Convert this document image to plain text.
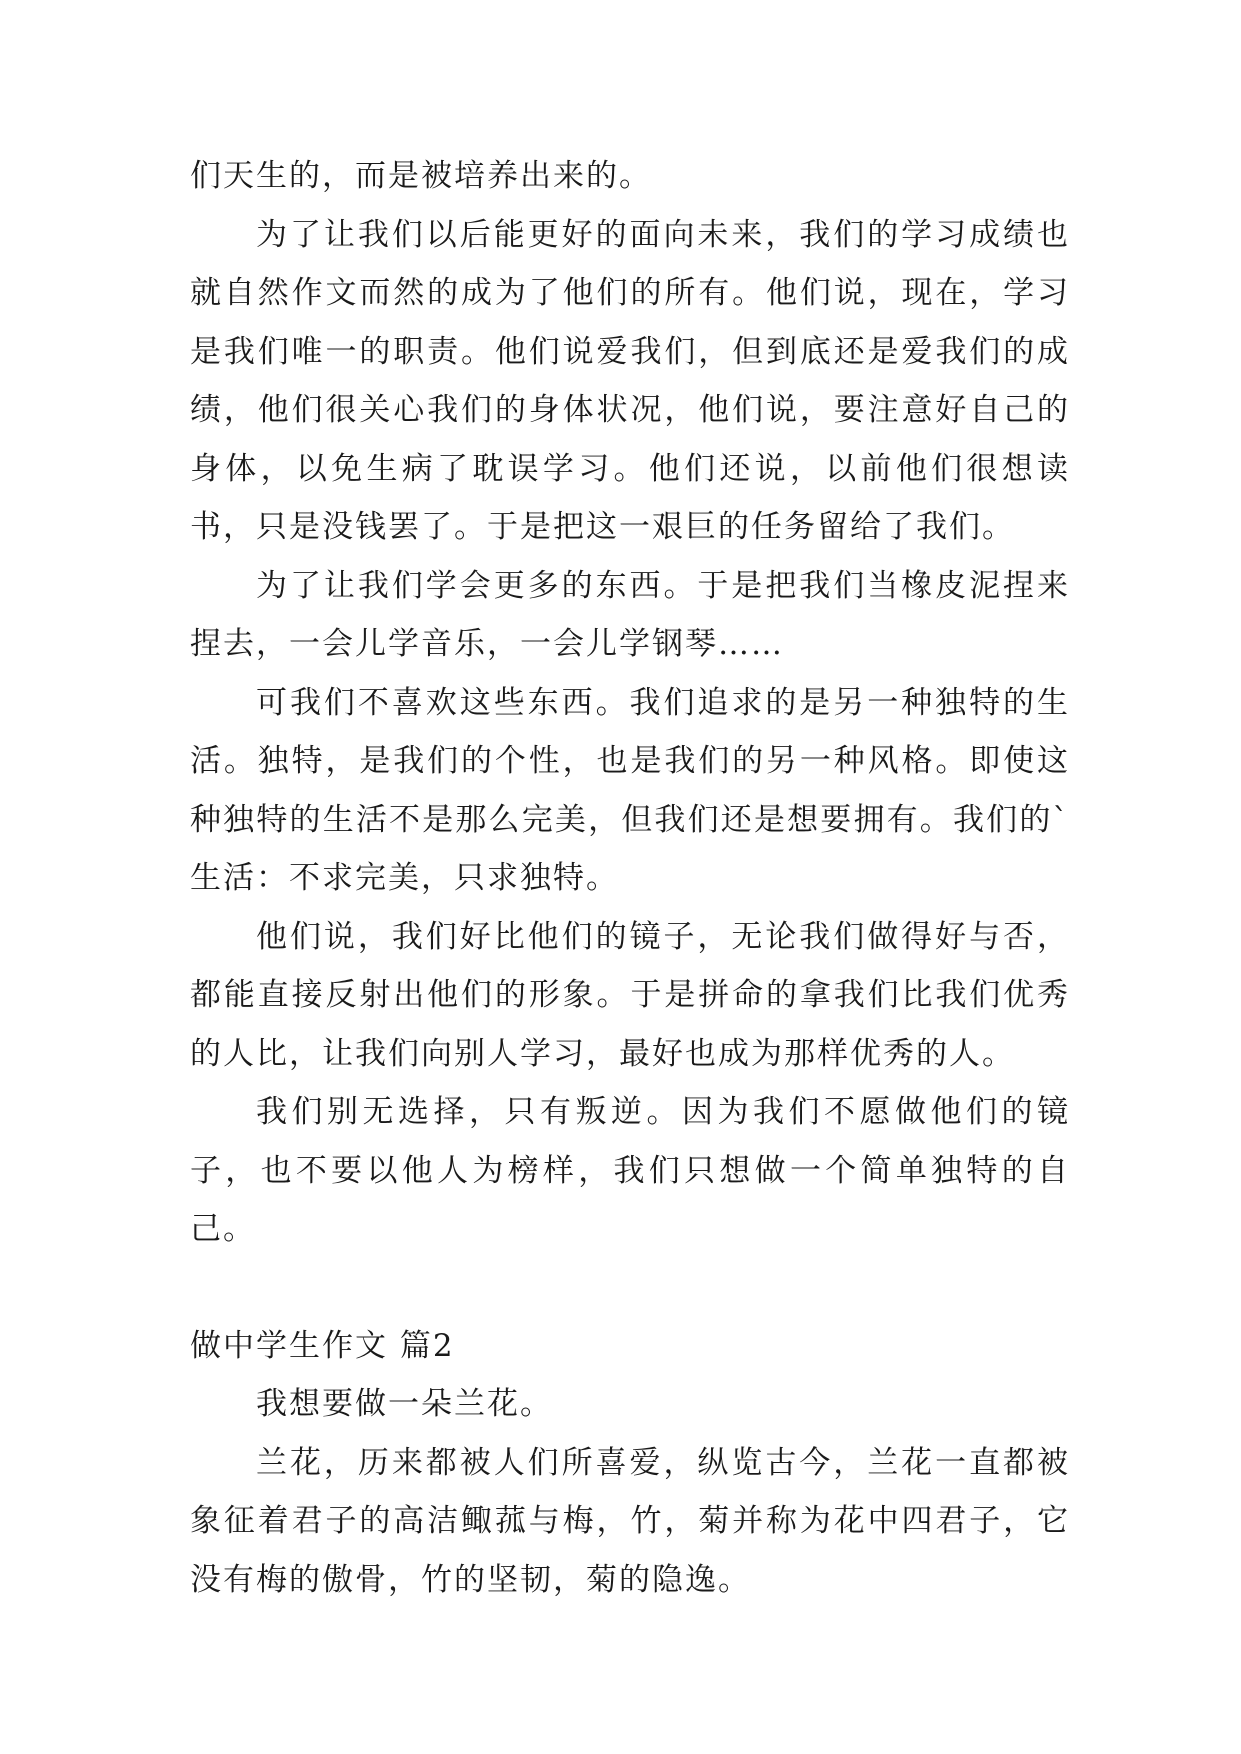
们天生的，而是被培养出来的。

为了让我们以后能更好的面向未来，我们的学习成绩也就自然作文而然的成为了他们的所有。他们说，现在，学习是我们唯一的职责。他们说爱我们，但到底还是爱我们的成绩，他们很关心我们的身体状况，他们说，要注意好自己的身体，以免生病了耽误学习。他们还说，以前他们很想读书，只是没钱罢了。于是把这一艰巨的任务留给了我们。

为了让我们学会更多的东西。于是把我们当橡皮泥捏来捏去，一会儿学音乐，一会儿学钢琴……

可我们不喜欢这些东西。我们追求的是另一种独特的生活。独特，是我们的个性，也是我们的另一种风格。即使这种独特的生活不是那么完美，但我们还是想要拥有。我们的`生活：不求完美，只求独特。

他们说，我们好比他们的镜子，无论我们做得好与否，都能直接反射出他们的形象。于是拼命的拿我们比我们优秀的人比，让我们向别人学习，最好也成为那样优秀的人。

我们别无选择，只有叛逆。因为我们不愿做他们的镜子，也不要以他人为榜样，我们只想做一个简单独特的自己。

做中学生作文 篇2

我想要做一朵兰花。

兰花，历来都被人们所喜爱，纵览古今，兰花一直都被象征着君子的高洁鲰菰与梅，竹，菊并称为花中四君子，它没有梅的傲骨，竹的坚韧，菊的隐逸。
